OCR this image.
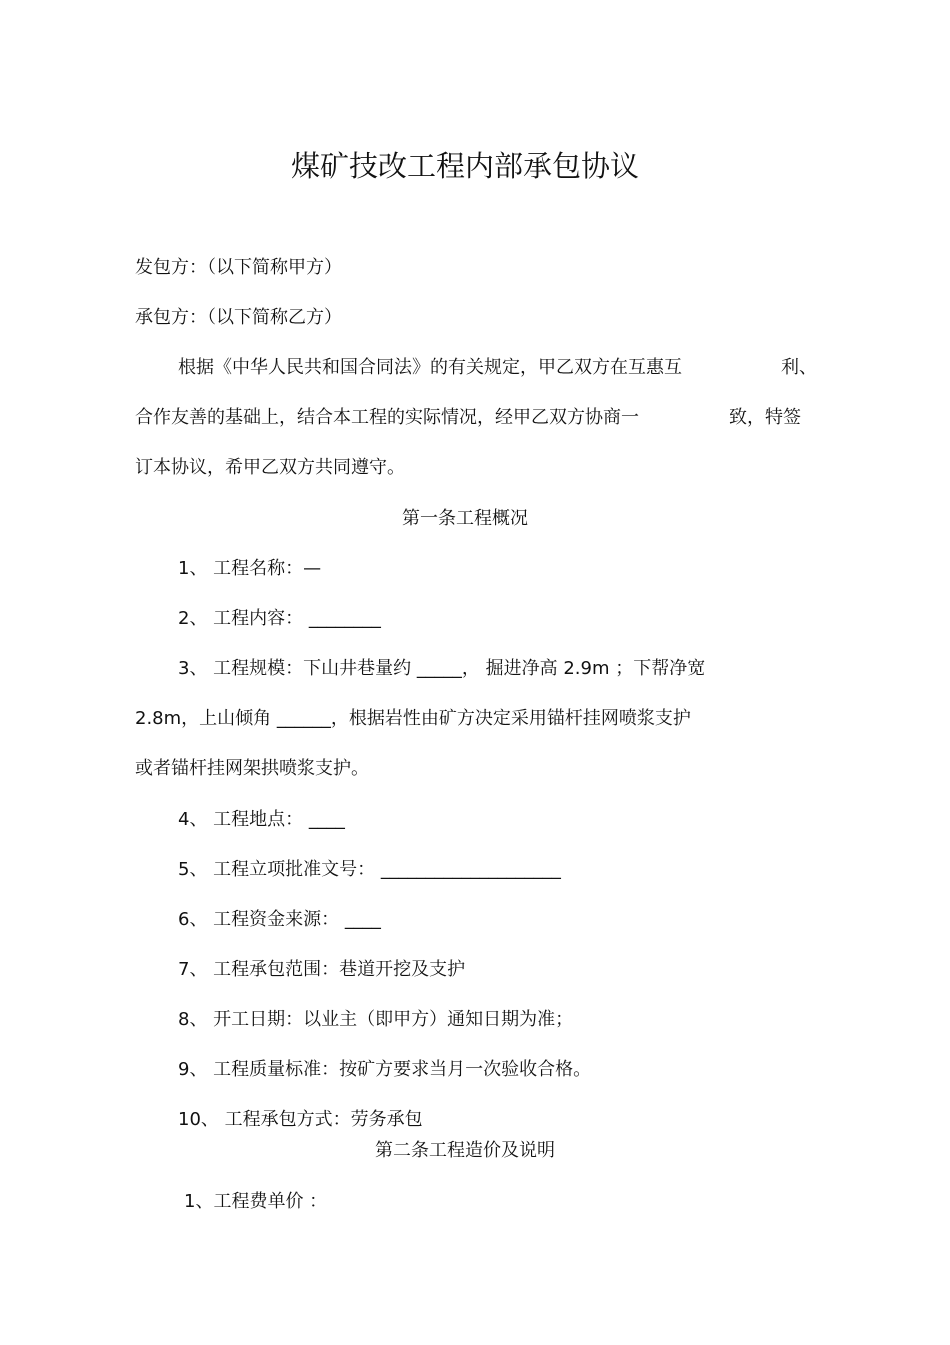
煤矿技改工程内部承包协议
发包方：（以下简称甲方）
承包方：（以下简称乙方）
根据《中华人民共和国合同法》的有关规定，甲乙双方在互惠互	利、
合作友善的基础上，结合本工程的实际情况，经甲乙双方协商一	致，特签
订本协议，希甲乙双方共同遵守。
第一条工程概况
1、 工程名称：—
2、 工程内容： ________
3、 工程规模：下山井巷量约 _____， 掘进净高 2.9m ；下帮净宽
2.8m，上山倾角 ______，根据岩性由矿方决定采用锚杆挂网喷浆支护
或者锚杆挂网架拱喷浆支护。
4、 工程地点： ____
5、 工程立项批准文号： ____________________
6、 工程资金来源： ____
7、 工程承包范围：巷道开挖及支护
8、 开工日期：以业主（即甲方）通知日期为准；
9、 工程质量标准：按矿方要求当月一次验收合格。
10、 工程承包方式：劳务承包
第二条工程造价及说明
1、工程费单价 ：
